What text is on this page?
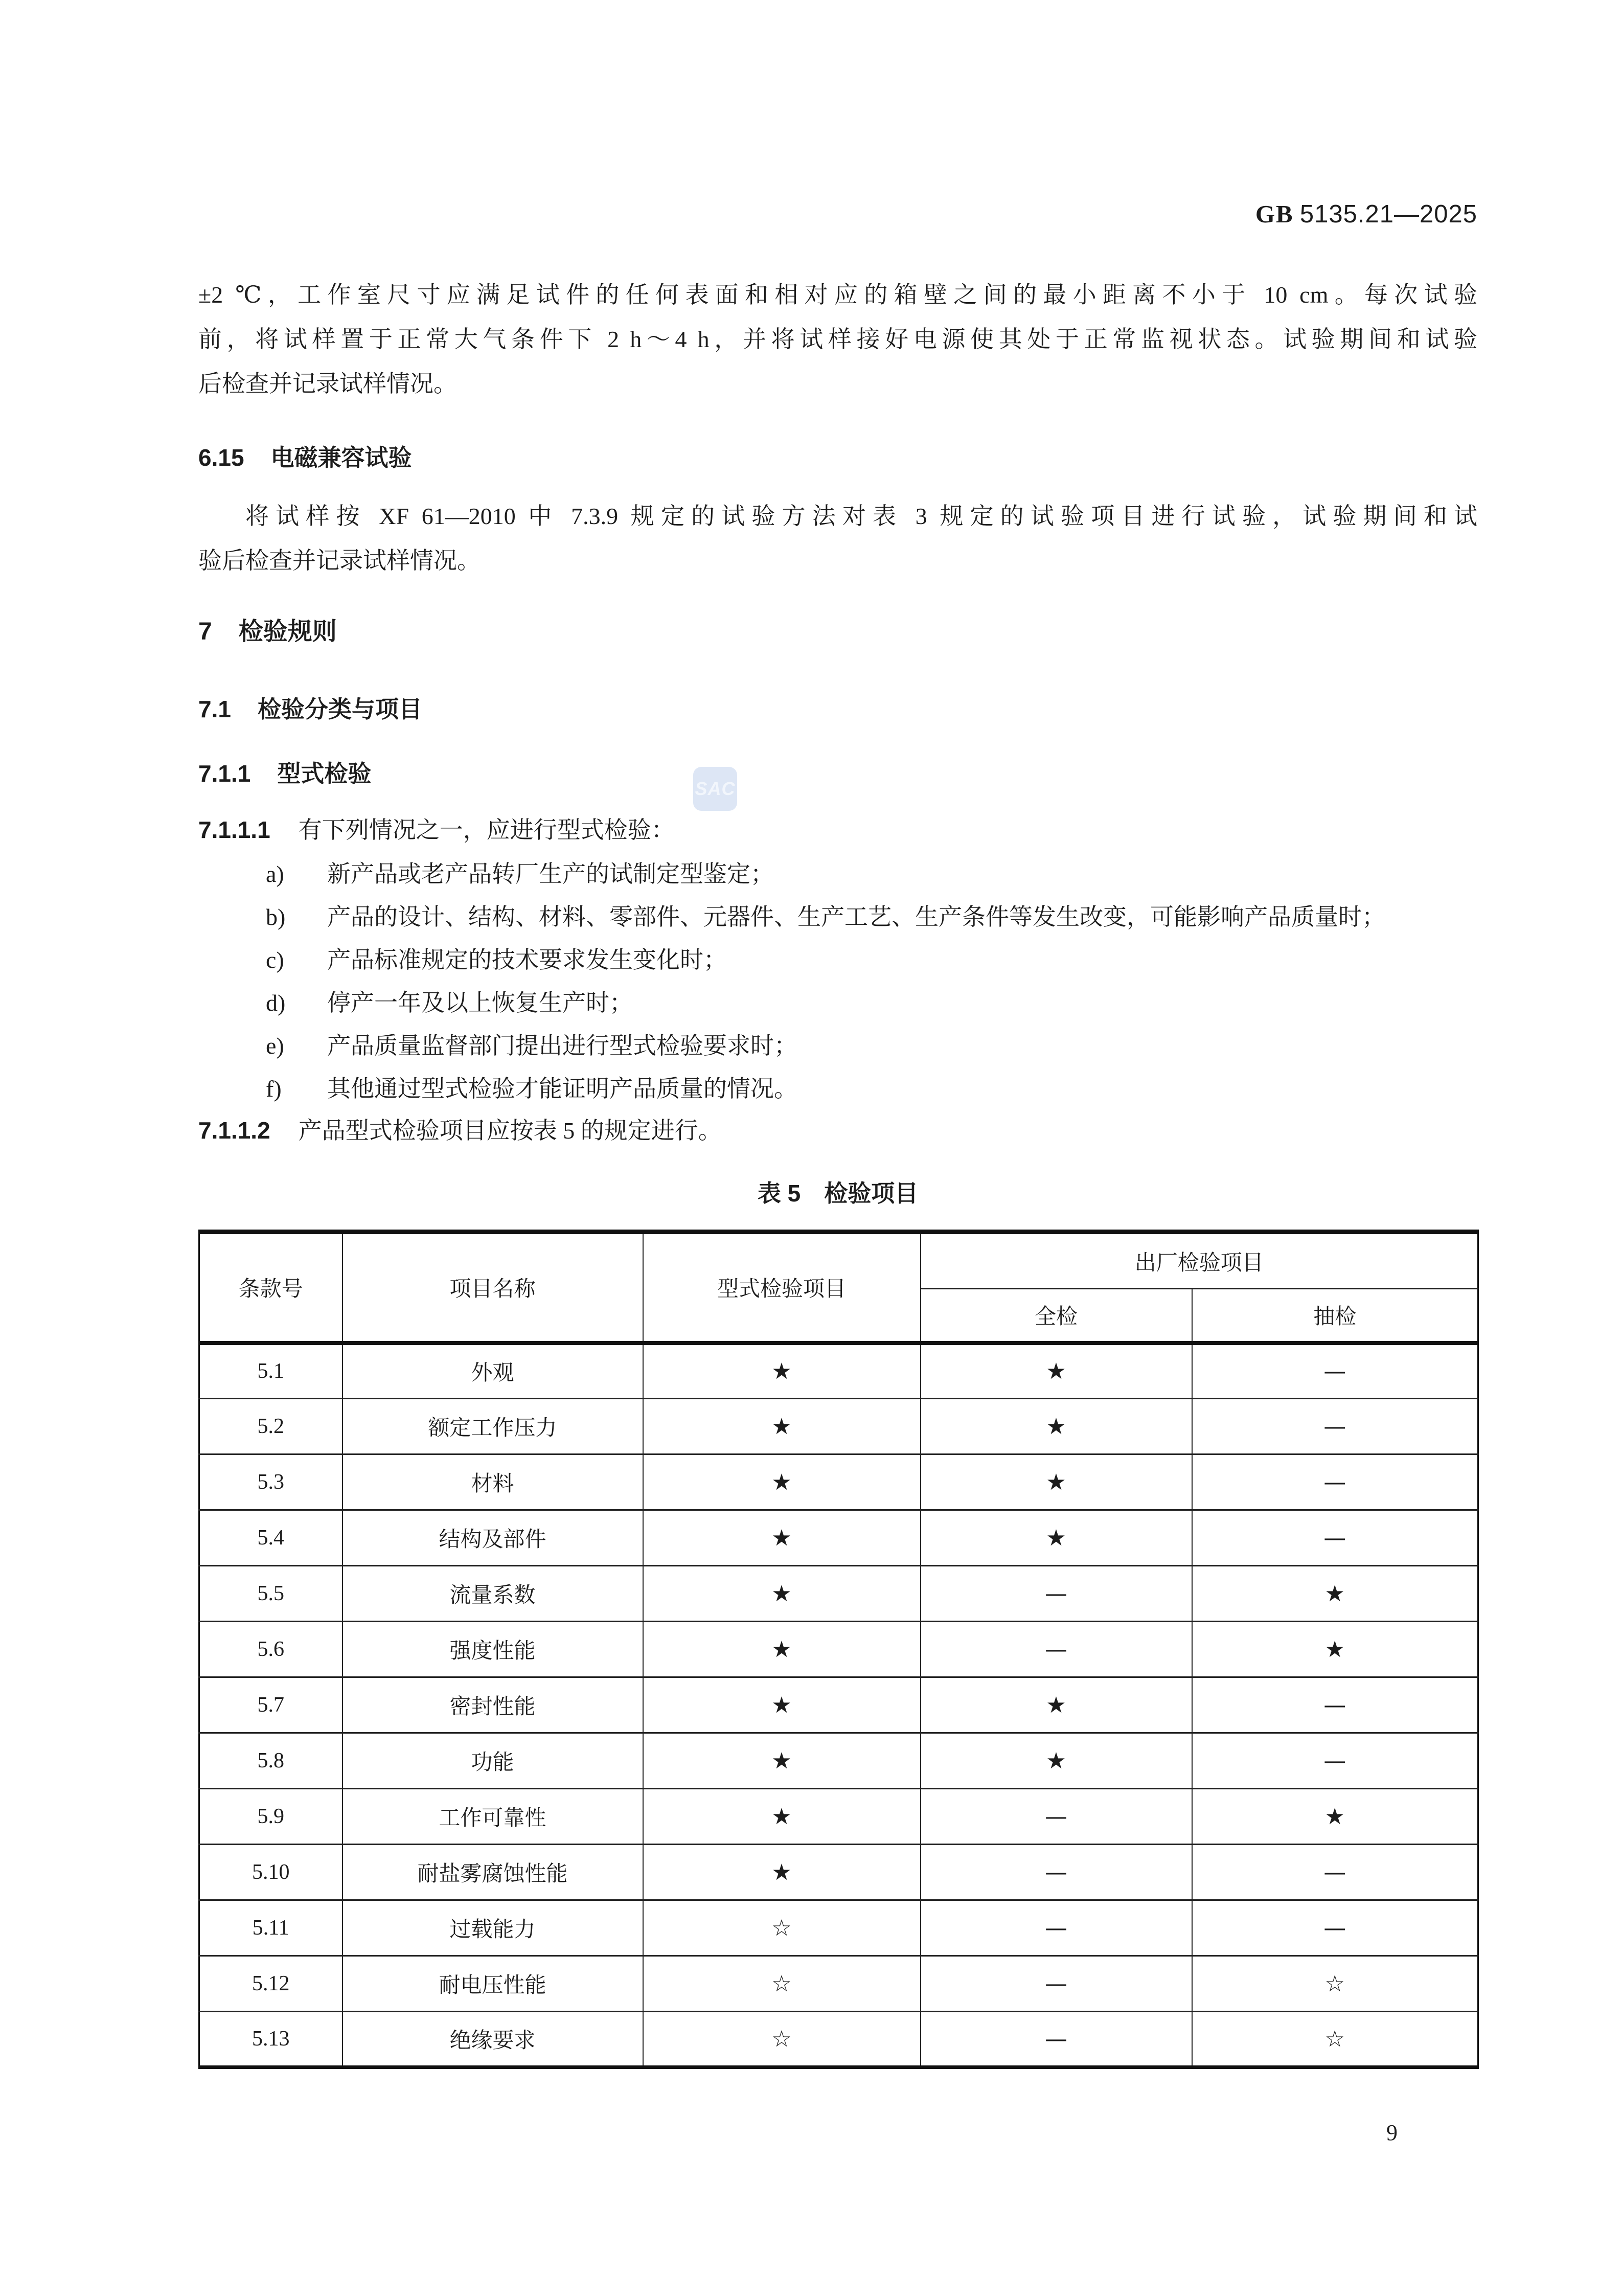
GB 5135.21—2025
±2 ℃，工作室尺寸应满足试件的任何表面和相对应的箱壁之间的最小距离不小于 10 cm。每次试验
前，将试样置于正常大气条件下 2 h～4 h，并将试样接好电源使其处于正常监视状态。试验期间和试验
后检查并记录试样情况。
6.15 电磁兼容试验
将试样按 XF 61—2010 中 7.3.9 规定的试验方法对表 3 规定的试验项目进行试验，试验期间和试
验后检查并记录试样情况。
7 检验规则
7.1 检验分类与项目
7.1.1 型式检验
SAC
7.1.1.1 有下列情况之一，应进行型式检验：
a) 新产品或老产品转厂生产的试制定型鉴定；
b) 产品的设计、结构、材料、零部件、元器件、生产工艺、生产条件等发生改变，可能影响产品质量时；
c) 产品标准规定的技术要求发生变化时；
d) 停产一年及以上恢复生产时；
e) 产品质量监督部门提出进行型式检验要求时；
f) 其他通过型式检验才能证明产品质量的情况。
7.1.1.2 产品型式检验项目应按表 5 的规定进行。
表 5 检验项目
条款号	项目名称	型式检验项目	出厂检验项目	
			全检	抽检
5.1	外观	★	★	—
5.2	额定工作压力	★	★	—
5.3	材料	★	★	—
5.4	结构及部件	★	★	—
5.5	流量系数	★	—	★
5.6	强度性能	★	—	★
5.7	密封性能	★	★	—
5.8	功能	★	★	—
5.9	工作可靠性	★	—	★
5.10	耐盐雾腐蚀性能	★	—	—
5.11	过载能力	☆	—	—
5.12	耐电压性能	☆	—	☆
5.13	绝缘要求	☆	—	☆
9
